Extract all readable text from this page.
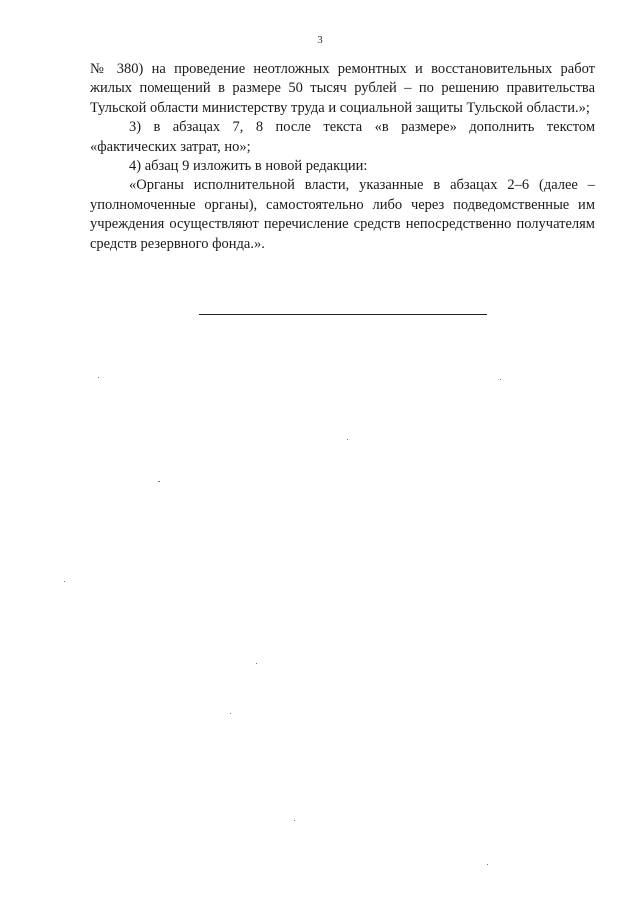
3

№ 380) на проведение неотложных ремонтных и восстановительных работ жилых помещений в размере 50 тысяч рублей – по решению правительства Тульской области министерству труда и социальной защиты Тульской области.»;

3) в абзацах 7, 8 после текста «в размере» дополнить текстом «фактических затрат, но»;

4) абзац 9 изложить в новой редакции:

«Органы исполнительной власти, указанные в абзацах 2–6 (далее – уполномоченные органы), самостоятельно либо через подведомственные им учреждения осуществляют перечисление средств непосредственно получателям средств резервного фонда.».
